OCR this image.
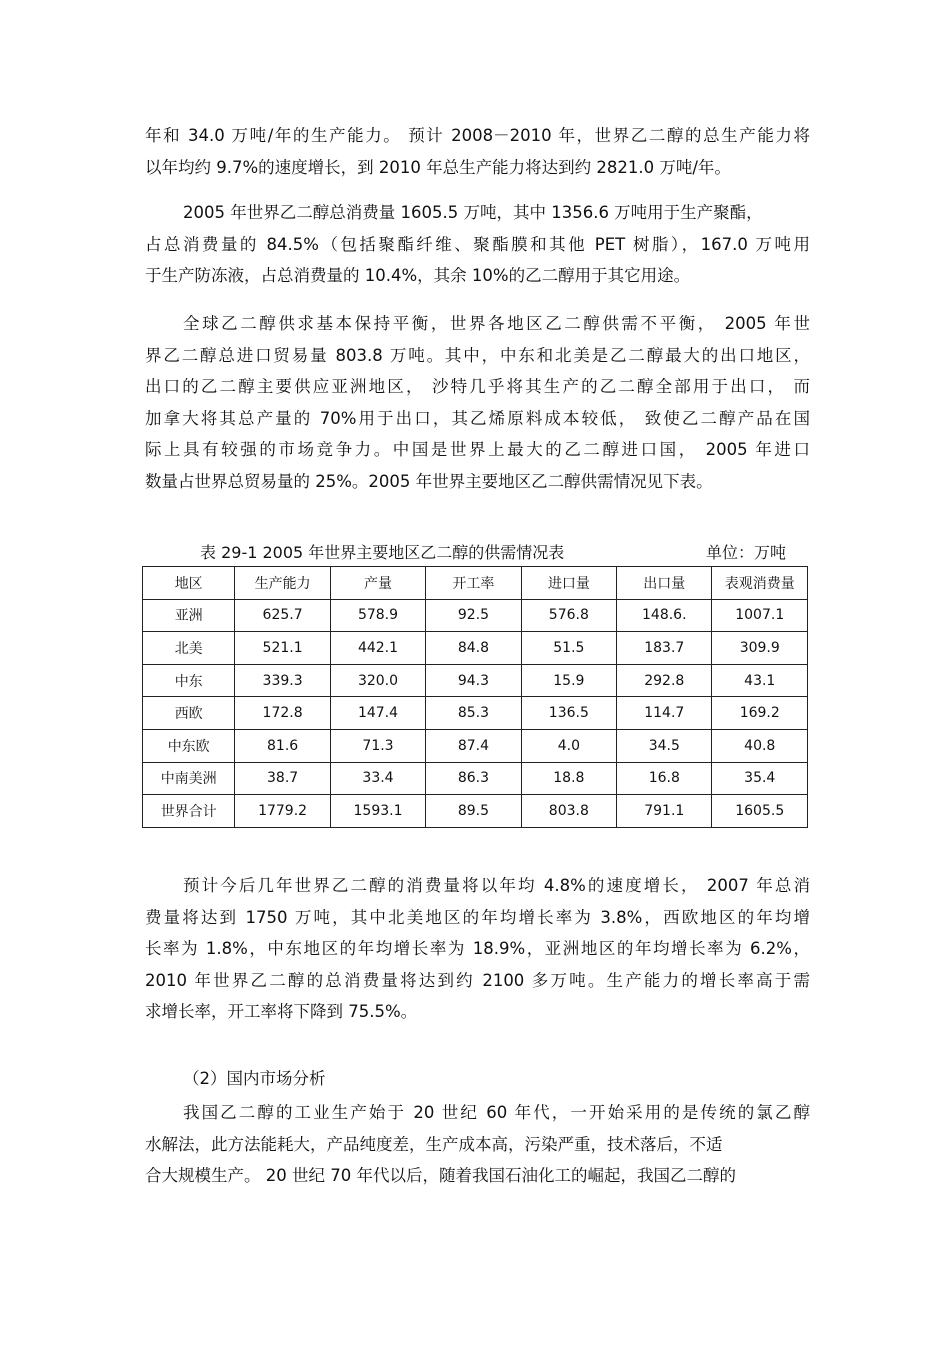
年和 34.0 万吨/年的生产能力。 预计 2008－2010 年，世界乙二醇的总生产能力将
以年均约 9.7%的速度增长，到 2010 年总生产能力将达到约 2821.0 万吨/年。
2005 年世界乙二醇总消费量 1605.5 万吨，其中 1356.6 万吨用于生产聚酯，
占总消费量的 84.5%（包括聚酯纤维、聚酯膜和其他 PET 树脂），167.0 万吨用
于生产防冻液，占总消费量的 10.4%，其余 10%的乙二醇用于其它用途。
全球乙二醇供求基本保持平衡，世界各地区乙二醇供需不平衡， 2005 年世
界乙二醇总进口贸易量 803.8 万吨。其中，中东和北美是乙二醇最大的出口地区，
出口的乙二醇主要供应亚洲地区， 沙特几乎将其生产的乙二醇全部用于出口， 而
加拿大将其总产量的 70%用于出口，其乙烯原料成本较低， 致使乙二醇产品在国
际上具有较强的市场竞争力。中国是世界上最大的乙二醇进口国， 2005 年进口
数量占世界总贸易量的 25%。2005 年世界主要地区乙二醇供需情况见下表。
表 29-1 2005 年世界主要地区乙二醇的供需情况表	单位：万吨
地区	生产能力	产量	开工率	进口量	出口量	表观消费量
亚洲	625.7	578.9	92.5	576.8	148.6.	1007.1
北美	521.1	442.1	84.8	51.5	183.7	309.9
中东	339.3	320.0	94.3	15.9	292.8	43.1
西欧	172.8	147.4	85.3	136.5	114.7	169.2
中东欧	81.6	71.3	87.4	4.0	34.5	40.8
中南美洲	38.7	33.4	86.3	18.8	16.8	35.4
世界合计	1779.2	1593.1	89.5	803.8	791.1	1605.5
预计今后几年世界乙二醇的消费量将以年均 4.8%的速度增长， 2007 年总消
费量将达到 1750 万吨，其中北美地区的年均增长率为 3.8%，西欧地区的年均增
长率为 1.8%，中东地区的年均增长率为 18.9%，亚洲地区的年均增长率为 6.2%，
2010 年世界乙二醇的总消费量将达到约 2100 多万吨。生产能力的增长率高于需
求增长率，开工率将下降到 75.5%。
（2）国内市场分析
我国乙二醇的工业生产始于 20 世纪 60 年代，一开始采用的是传统的氯乙醇
水解法，此方法能耗大，产品纯度差，生产成本高，污染严重，技术落后，不适
合大规模生产。 20 世纪 70 年代以后，随着我国石油化工的崛起，我国乙二醇的
